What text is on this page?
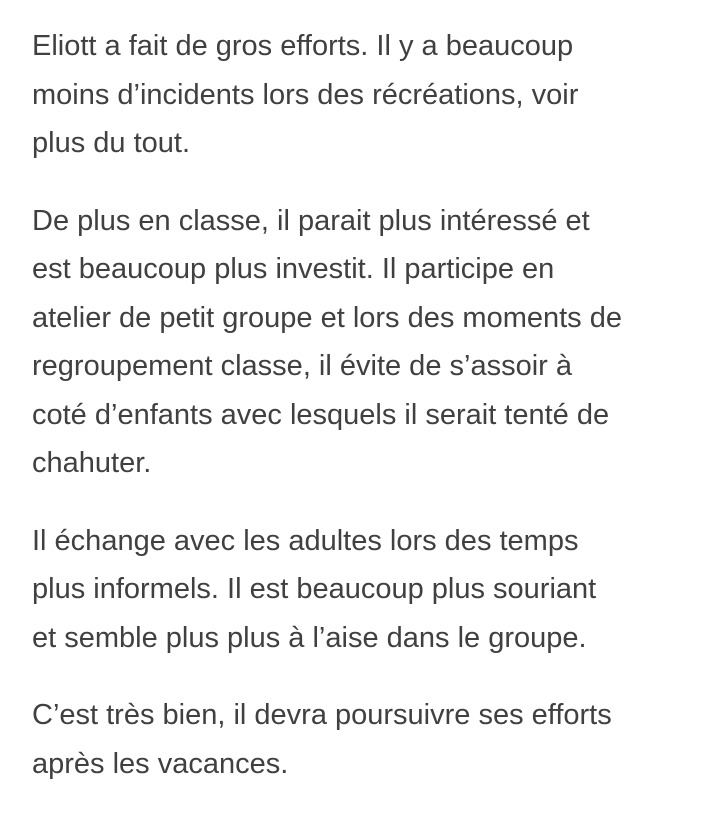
Eliott a fait de gros efforts. Il y a beaucoup
moins d’incidents lors des récréations, voir
plus du tout.

De plus en classe, il parait plus intéressé et
est beaucoup plus investit. Il participe en
atelier de petit groupe et lors des moments de
regroupement classe, il évite de s’assoir à
coté d’enfants avec lesquels il serait tenté de
chahuter.

Il échange avec les adultes lors des temps
plus informels. Il est beaucoup plus souriant
et semble plus plus à l’aise dans le groupe.

C’est très bien, il devra poursuivre ses efforts
après les vacances.
